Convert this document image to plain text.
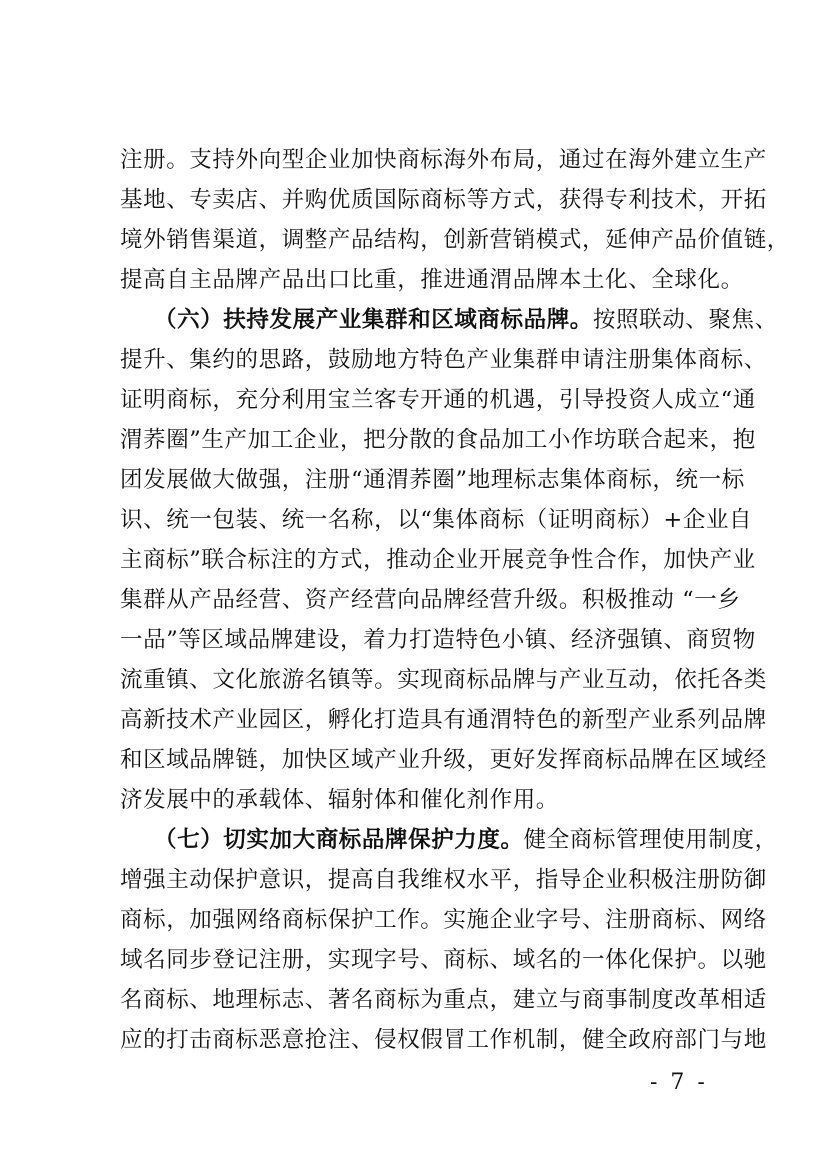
注册。支持外向型企业加快商标海外布局，通过在海外建立生产
基地、专卖店、并购优质国际商标等方式，获得专利技术，开拓
境外销售渠道，调整产品结构，创新营销模式，延伸产品价值链，
提高自主品牌产品出口比重，推进通渭品牌本土化、全球化。
（六）扶持发展产业集群和区域商标品牌。按照联动、聚焦、
提升、集约的思路，鼓励地方特色产业集群申请注册集体商标、
证明商标，充分利用宝兰客专开通的机遇，引导投资人成立“通
渭荞圈”生产加工企业，把分散的食品加工小作坊联合起来，抱
团发展做大做强，注册“通渭荞圈”地理标志集体商标，统一标
识、统一包装、统一名称，以“集体商标（证明商标）+企业自
主商标”联合标注的方式，推动企业开展竞争性合作，加快产业
集群从产品经营、资产经营向品牌经营升级。积极推动 “一乡
一品”等区域品牌建设，着力打造特色小镇、经济强镇、商贸物
流重镇、文化旅游名镇等。实现商标品牌与产业互动，依托各类
高新技术产业园区，孵化打造具有通渭特色的新型产业系列品牌
和区域品牌链，加快区域产业升级，更好发挥商标品牌在区域经
济发展中的承载体、辐射体和催化剂作用。
（七）切实加大商标品牌保护力度。健全商标管理使用制度，
增强主动保护意识，提高自我维权水平，指导企业积极注册防御
商标，加强网络商标保护工作。实施企业字号、注册商标、网络
域名同步登记注册，实现字号、商标、域名的一体化保护。以驰
名商标、地理标志、著名商标为重点，建立与商事制度改革相适
应的打击商标恶意抢注、侵权假冒工作机制，健全政府部门与地
- 7 -
